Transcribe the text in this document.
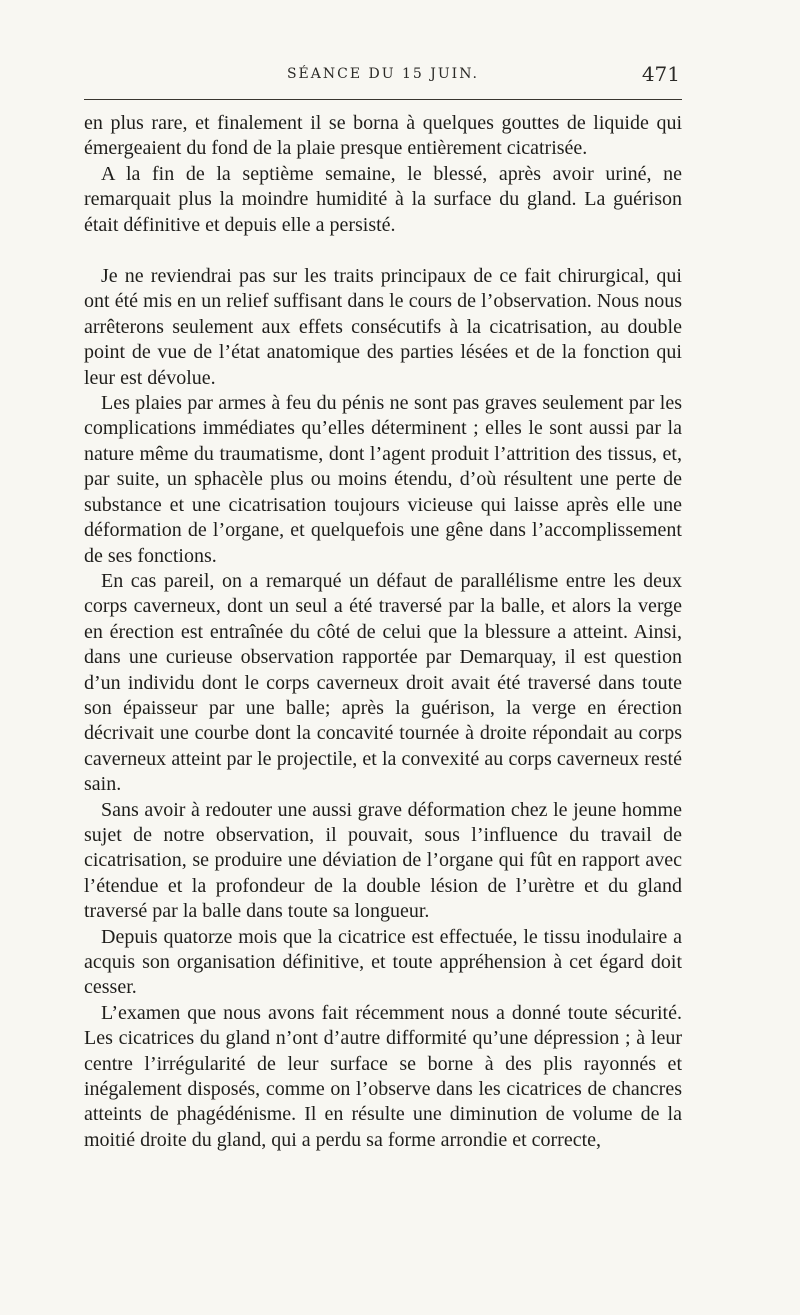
SÉANCE DU 15 JUIN.	471

en plus rare, et finalement il se borna à quelques gouttes de liquide qui émergeaient du fond de la plaie presque entièrement cicatrisée.

A la fin de la septième semaine, le blessé, après avoir uriné, ne remarquait plus la moindre humidité à la surface du gland. La guérison était définitive et depuis elle a persisté.

Je ne reviendrai pas sur les traits principaux de ce fait chirurgical, qui ont été mis en un relief suffisant dans le cours de l’observation. Nous nous arrêterons seulement aux effets consécutifs à la cicatrisation, au double point de vue de l’état anatomique des parties lésées et de la fonction qui leur est dévolue.

Les plaies par armes à feu du pénis ne sont pas graves seulement par les complications immédiates qu’elles déterminent ; elles le sont aussi par la nature même du traumatisme, dont l’agent produit l’attrition des tissus, et, par suite, un sphacèle plus ou moins étendu, d’où résultent une perte de substance et une cicatrisation toujours vicieuse qui laisse après elle une déformation de l’organe, et quelquefois une gêne dans l’accomplissement de ses fonctions.

En cas pareil, on a remarqué un défaut de parallélisme entre les deux corps caverneux, dont un seul a été traversé par la balle, et alors la verge en érection est entraînée du côté de celui que la blessure a atteint. Ainsi, dans une curieuse observation rapportée par Demarquay, il est question d’un individu dont le corps caverneux droit avait été traversé dans toute son épaisseur par une balle; après la guérison, la verge en érection décrivait une courbe dont la concavité tournée à droite répondait au corps caverneux atteint par le projectile, et la convexité au corps caverneux resté sain.

Sans avoir à redouter une aussi grave déformation chez le jeune homme sujet de notre observation, il pouvait, sous l’influence du travail de cicatrisation, se produire une déviation de l’organe qui fût en rapport avec l’étendue et la profondeur de la double lésion de l’urètre et du gland traversé par la balle dans toute sa longueur.

Depuis quatorze mois que la cicatrice est effectuée, le tissu inodulaire a acquis son organisation définitive, et toute appréhension à cet égard doit cesser.

L’examen que nous avons fait récemment nous a donné toute sécurité. Les cicatrices du gland n’ont d’autre difformité qu’une dépression ; à leur centre l’irrégularité de leur surface se borne à des plis rayonnés et inégalement disposés, comme on l’observe dans les cicatrices de chancres atteints de phagédénisme. Il en résulte une diminution de volume de la moitié droite du gland, qui a perdu sa forme arrondie et correcte,
